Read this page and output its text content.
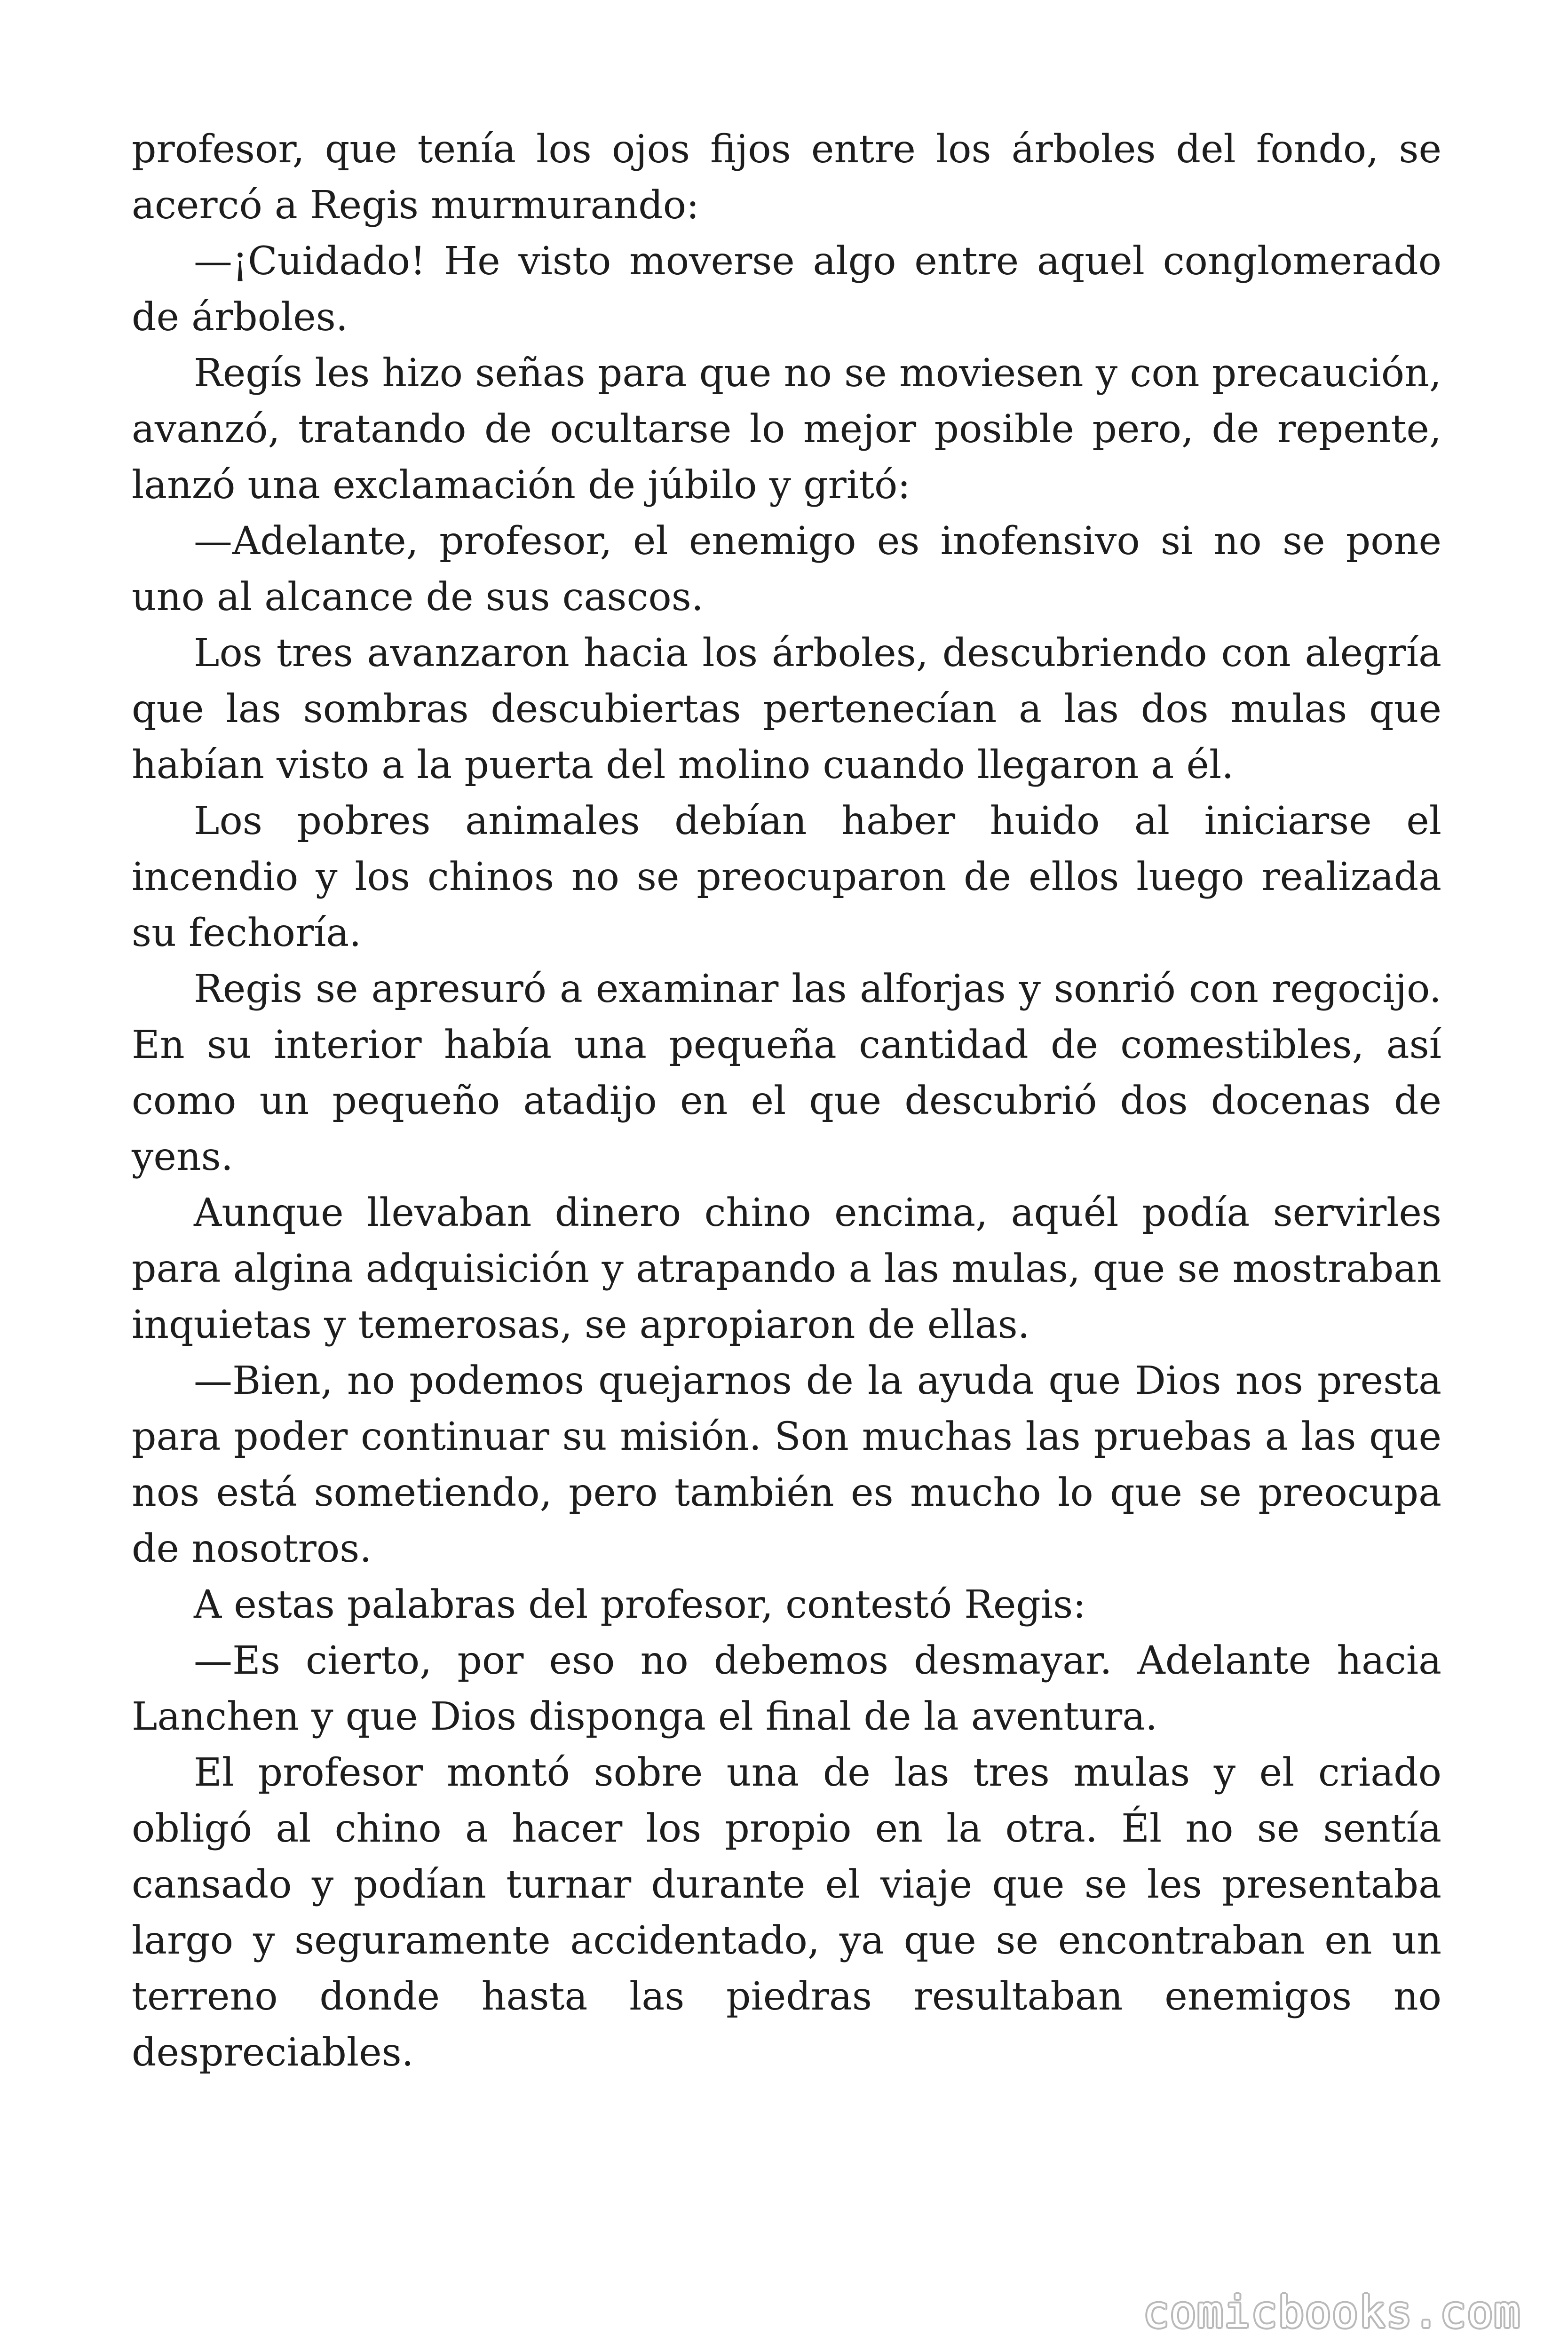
profesor, que tenía los ojos fijos entre los árboles del fondo, se acercó a Regis murmurando:

—¡Cuidado! He visto moverse algo entre aquel conglomerado de árboles.

Regís les hizo señas para que no se moviesen y con precaución, avanzó, tratando de ocultarse lo mejor posible pero, de repente, lanzó una exclamación de júbilo y gritó:

—Adelante, profesor, el enemigo es inofensivo si no se pone uno al alcance de sus cascos.

Los tres avanzaron hacia los árboles, descubriendo con alegría que las sombras descubiertas pertenecían a las dos mulas que habían visto a la puerta del molino cuando llegaron a él.

Los pobres animales debían haber huido al iniciarse el incendio y los chinos no se preocuparon de ellos luego realizada su fechoría.

Regis se apresuró a examinar las alforjas y sonrió con regocijo. En su interior había una pequeña cantidad de comestibles, así como un pequeño atadijo en el que descubrió dos docenas de yens.

Aunque llevaban dinero chino encima, aquél podía servirles para algina adquisición y atrapando a las mulas, que se mostraban inquietas y temerosas, se apropiaron de ellas.

—Bien, no podemos quejarnos de la ayuda que Dios nos presta para poder continuar su misión. Son muchas las pruebas a las que nos está sometiendo, pero también es mucho lo que se preocupa de nosotros.

A estas palabras del profesor, contestó Regis:

—Es cierto, por eso no debemos desmayar. Adelante hacia Lanchen y que Dios disponga el final de la aventura.

El profesor montó sobre una de las tres mulas y el criado obligó al chino a hacer los propio en la otra. Él no se sentía cansado y podían turnar durante el viaje que se les presentaba largo y seguramente accidentado, ya que se encontraban en un terreno donde hasta las piedras resultaban enemigos no despreciables.

comicbooks.com
